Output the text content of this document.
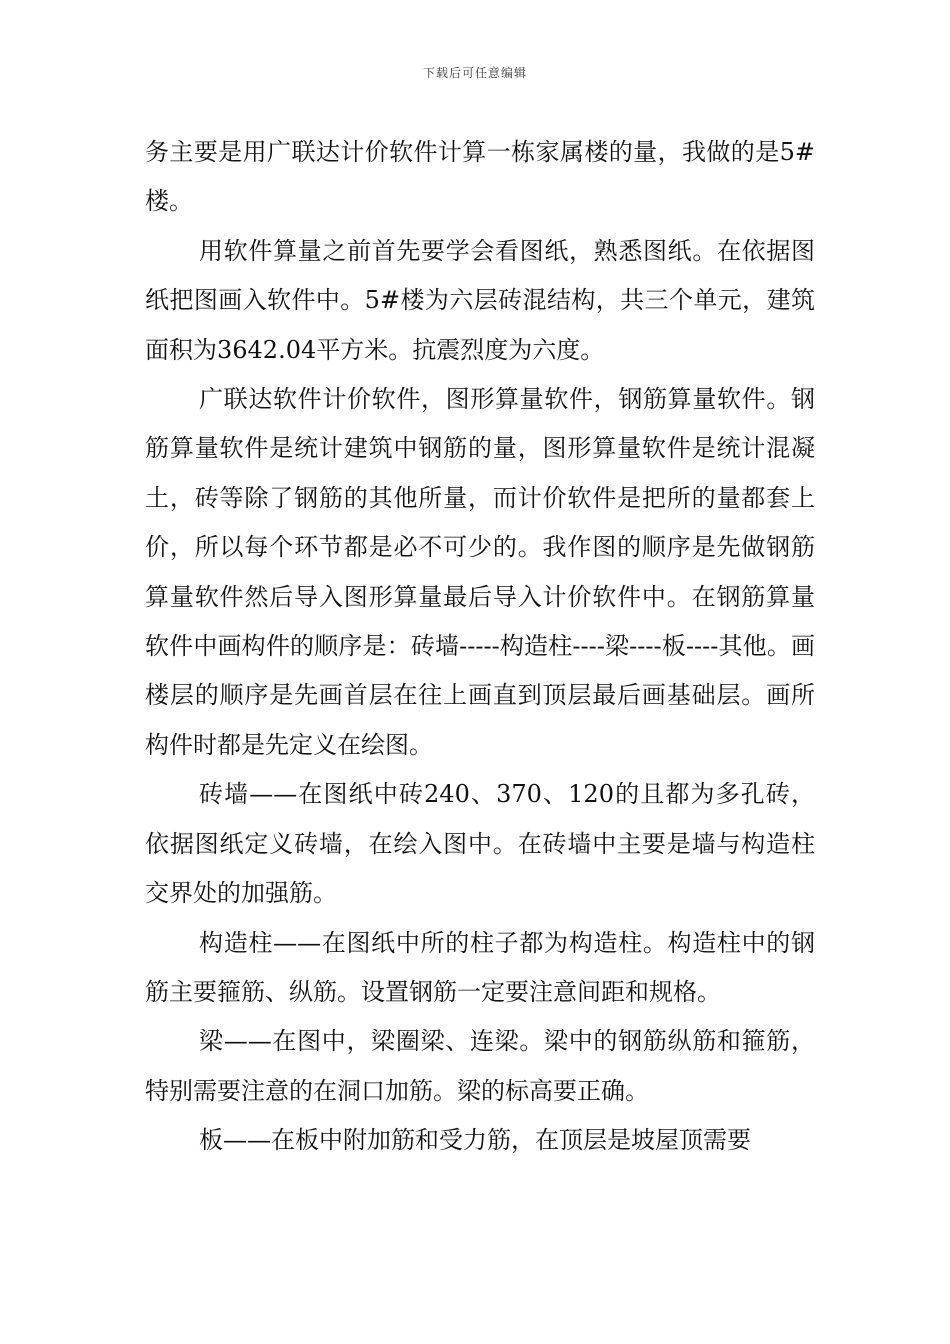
下载后可任意编辑

务主要是用广联达计价软件计算一栋家属楼的量，我做的是5#楼。

用软件算量之前首先要学会看图纸，熟悉图纸。在依据图纸把图画入软件中。5#楼为六层砖混结构，共三个单元，建筑面积为3642.04平方米。抗震烈度为六度。

广联达软件计价软件，图形算量软件，钢筋算量软件。钢筋算量软件是统计建筑中钢筋的量，图形算量软件是统计混凝土，砖等除了钢筋的其他所量，而计价软件是把所的量都套上价，所以每个环节都是必不可少的。我作图的顺序是先做钢筋算量软件然后导入图形算量最后导入计价软件中。在钢筋算量软件中画构件的顺序是：砖墙-----构造柱----梁----板----其他。画楼层的顺序是先画首层在往上画直到顶层最后画基础层。画所构件时都是先定义在绘图。

砖墙——在图纸中砖240、370、120的且都为多孔砖，依据图纸定义砖墙，在绘入图中。在砖墙中主要是墙与构造柱交界处的加强筋。

构造柱——在图纸中所的柱子都为构造柱。构造柱中的钢筋主要箍筋、纵筋。设置钢筋一定要注意间距和规格。

梁——在图中，梁圈梁、连梁。梁中的钢筋纵筋和箍筋，特别需要注意的在洞口加筋。梁的标高要正确。

板——在板中附加筋和受力筋，在顶层是坡屋顶需要
